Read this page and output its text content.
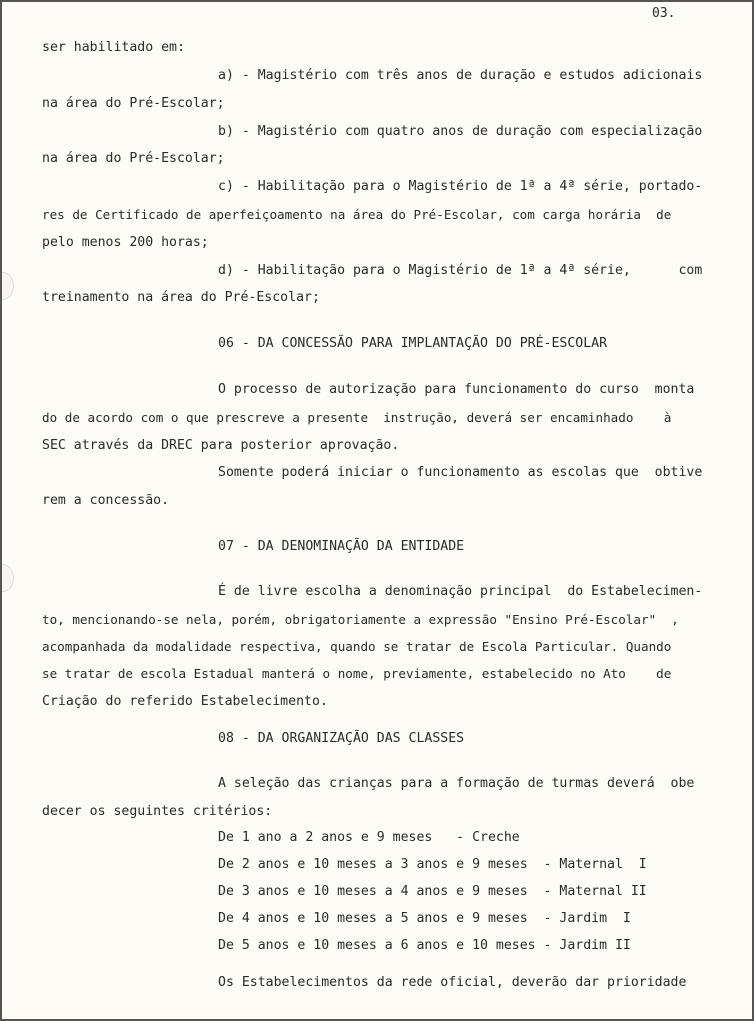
03.
ser habilitado em:
a) - Magistério com três anos de duração e estudos adicionais
na área do Pré-Escolar;
b) - Magistério com quatro anos de duração com especialização
na área do Pré-Escolar;
c) - Habilitação para o Magistério de 1ª a 4ª série, portado-
res de Certificado de aperfeiçoamento na área do Pré-Escolar, com carga horária  de
pelo menos 200 horas;
d) - Habilitação para o Magistério de 1ª a 4ª série,      com
treinamento na área do Pré-Escolar;
06 - DA CONCESSÃO PARA IMPLANTAÇÃO DO PRÉ-ESCOLAR
O processo de autorização para funcionamento do curso  monta
do de acordo com o que prescreve a presente  instrução, deverá ser encaminhado    à
SEC através da DREC para posterior aprovação.
Somente poderá iniciar o funcionamento as escolas que  obtive
rem a concessão.
07 - DA DENOMINAÇÃO DA ENTIDADE
É de livre escolha a denominação principal  do Estabelecimen-
to, mencionando-se nela, porém, obrigatoriamente a expressão "Ensino Pré-Escolar"  ,
acompanhada da modalidade respectiva, quando se tratar de Escola Particular. Quando
se tratar de escola Estadual manterá o nome, previamente, estabelecido no Ato    de
Criação do referido Estabelecimento.
08 - DA ORGANIZAÇÃO DAS CLASSES
A seleção das crianças para a formação de turmas deverá  obe
decer os seguintes critérios:
De 1 ano a 2 anos e 9 meses   - Creche
De 2 anos e 10 meses a 3 anos e 9 meses  - Maternal  I
De 3 anos e 10 meses a 4 anos e 9 meses  - Maternal II
De 4 anos e 10 meses a 5 anos e 9 meses  - Jardim  I
De 5 anos e 10 meses a 6 anos e 10 meses - Jardim II
Os Estabelecimentos da rede oficial, deverão dar prioridade
